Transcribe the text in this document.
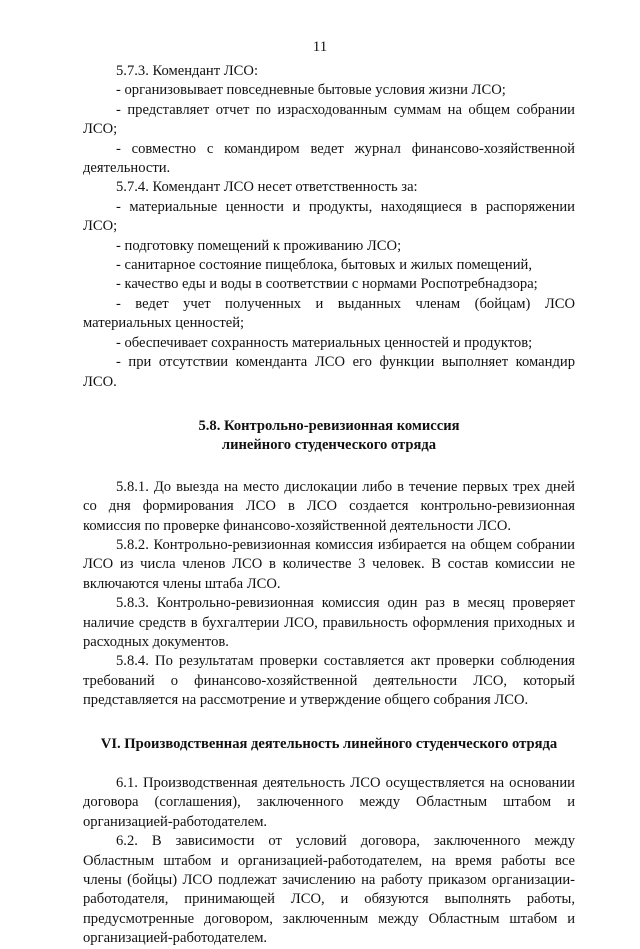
11

5.7.3. Комендант ЛСО:

- организовывает повседневные бытовые условия жизни ЛСО;

- представляет отчет по израсходованным суммам на общем собрании ЛСО;

- совместно с командиром ведет журнал финансово-хозяйственной деятельности.

5.7.4. Комендант ЛСО несет ответственность за:

- материальные ценности и продукты, находящиеся в распоряжении ЛСО;

- подготовку помещений к проживанию ЛСО;

- санитарное состояние пищеблока, бытовых и жилых помещений,

- качество еды и воды в соответствии с нормами Роспотребнадзора;

- ведет учет полученных и выданных членам (бойцам) ЛСО материальных ценностей;

- обеспечивает сохранность материальных ценностей и продуктов;

- при отсутствии коменданта ЛСО его функции выполняет командир ЛСО.

5.8. Контрольно-ревизионная комиссия

линейного студенческого отряда

5.8.1. До выезда на место дислокации либо в течение первых трех дней со дня формирования ЛСО в ЛСО создается контрольно-ревизионная комиссия по проверке финансово-хозяйственной деятельности ЛСО.

5.8.2. Контрольно-ревизионная комиссия избирается на общем собрании ЛСО из числа членов ЛСО в количестве 3 человек. В состав комиссии не включаются члены штаба ЛСО.

5.8.3. Контрольно-ревизионная комиссия один раз в месяц проверяет наличие средств в бухгалтерии ЛСО, правильность оформления приходных и расходных документов.

5.8.4. По результатам проверки составляется акт проверки соблюдения требований о финансово-хозяйственной деятельности ЛСО, который представляется на рассмотрение и утверждение общего собрания ЛСО.

VI. Производственная деятельность линейного студенческого отряда

6.1. Производственная деятельность ЛСО осуществляется на основании договора (соглашения), заключенного между Областным штабом и организацией-работодателем.

6.2. В зависимости от условий договора, заключенного между Областным штабом и организацией-работодателем, на время работы все члены (бойцы) ЛСО подлежат зачислению на работу приказом организации-работодателя, принимающей ЛСО, и обязуются выполнять работы, предусмотренные договором, заключенным между Областным штабом и организацией-работодателем.
